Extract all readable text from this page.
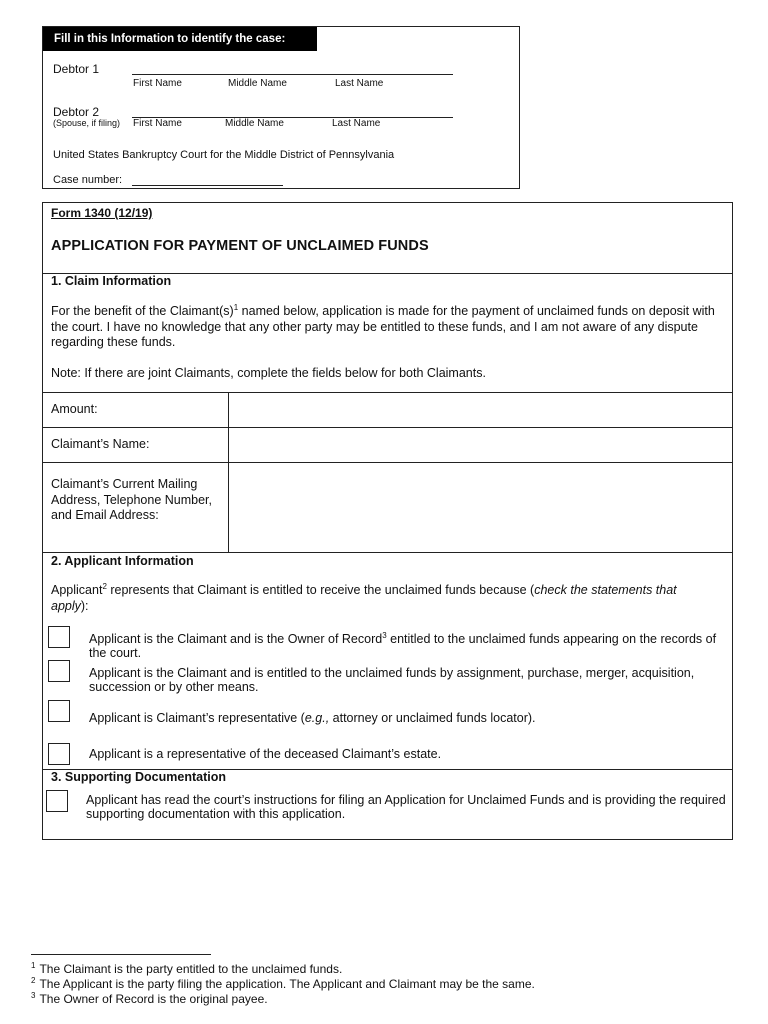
Fill in this Information to identify the case:
Debtor 1
First Name	Middle Name	Last Name
Debtor 2
(Spouse, if filing) First Name	Middle Name	Last Name
United States Bankruptcy Court for the Middle District of Pennsylvania
Case number:
Form 1340 (12/19)
APPLICATION FOR PAYMENT OF UNCLAIMED FUNDS
1. Claim Information
For the benefit of the $Claimant(s)^1$ named below, application is made for the payment of unclaimed funds on deposit with the court. I have no knowledge that any other party may be entitled to these funds, and I am not aware of any dispute regarding these funds.
Note: If there are joint Claimants, complete the fields below for both Claimants.
Amount:
Claimant’s Name:
Claimant’s Current Mailing Address, Telephone Number, and Email Address:
2. Applicant Information
Applicant$^2$ represents that Claimant is entitled to receive the unclaimed funds because (check the statements that apply):
Applicant is the Claimant and is the Owner of Record$^3$ entitled to the unclaimed funds appearing on the records of the court.
Applicant is the Claimant and is entitled to the unclaimed funds by assignment, purchase, merger, acquisition, succession or by other means.
Applicant is Claimant’s representative (e.g., attorney or unclaimed funds locator).
Applicant is a representative of the deceased Claimant’s estate.
3. Supporting Documentation
Applicant has read the court’s instructions for filing an Application for Unclaimed Funds and is providing the required supporting documentation with this application.
$^1$ The Claimant is the party entitled to the unclaimed funds.
$^2$ The Applicant is the party filing the application. The Applicant and Claimant may be the same.
$^3$ The Owner of Record is the original payee.
